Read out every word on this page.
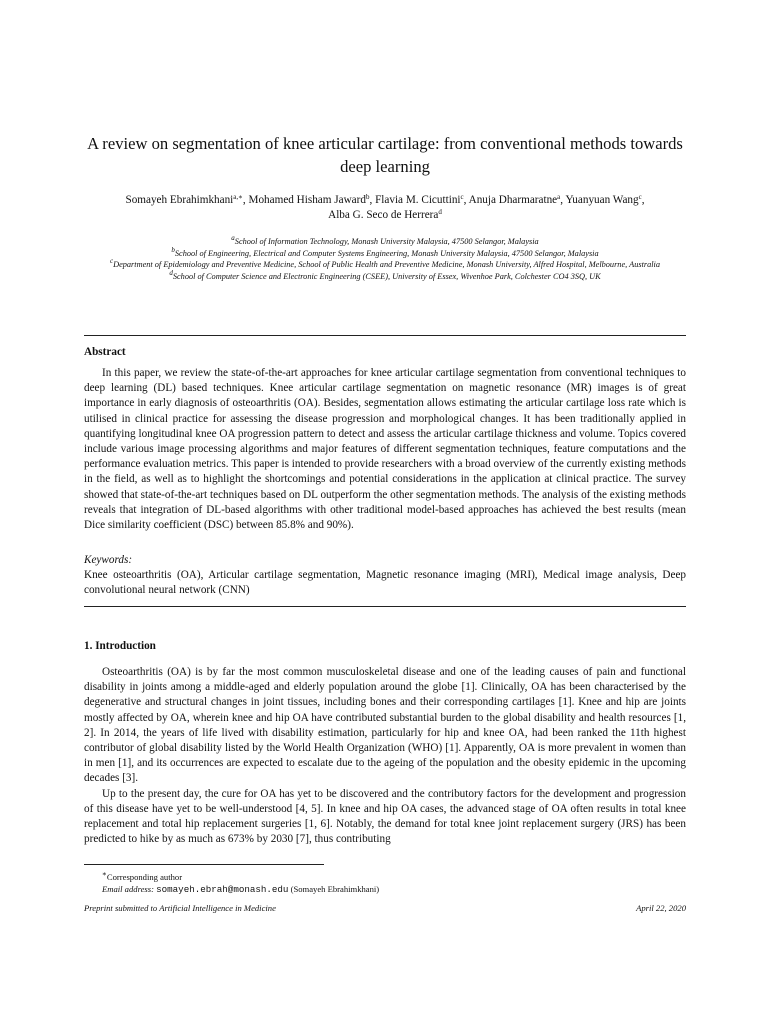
A review on segmentation of knee articular cartilage: from conventional methods towards deep learning
Somayeh Ebrahimkhani$^{a,∗}$, Mohamed Hisham Jaward$^b$, Flavia M. Cicuttini$^c$, Anuja Dharmaratne$^a$, Yuanyuan Wang$^c$,
Alba G. Seco de Herrera$^d$
$^a$School of Information Technology, Monash University Malaysia, 47500 Selangor, Malaysia
$^b$School of Engineering, Electrical and Computer Systems Engineering, Monash University Malaysia, 47500 Selangor, Malaysia
$^c$Department of Epidemiology and Preventive Medicine, School of Public Health and Preventive Medicine, Monash University, Alfred Hospital, Melbourne, Australia
$^d$School of Computer Science and Electronic Engineering (CSEE), University of Essex, Wivenhoe Park, Colchester CO4 3SQ, UK
Abstract

In this paper, we review the state-of-the-art approaches for knee articular cartilage segmentation from conventional techniques to deep learning (DL) based techniques. Knee articular cartilage segmentation on magnetic resonance (MR) images is of great importance in early diagnosis of osteoarthritis (OA). Besides, segmentation allows estimating the articular cartilage loss rate which is utilised in clinical practice for assessing the disease progression and morphological changes. It has been traditionally applied in quantifying longitudinal knee OA progression pattern to detect and assess the articular cartilage thickness and volume. Topics covered include various image processing algorithms and major features of different segmentation techniques, feature computations and the performance evaluation metrics. This paper is intended to provide researchers with a broad overview of the currently existing methods in the field, as well as to highlight the shortcomings and potential considerations in the application at clinical practice. The survey showed that state-of-the-art techniques based on DL outperform the other segmentation methods. The analysis of the existing methods reveals that integration of DL-based algorithms with other traditional model-based approaches has achieved the best results (mean Dice similarity coefficient (DSC) between 85.8% and 90%).

Keywords:
Knee osteoarthritis (OA), Articular cartilage segmentation, Magnetic resonance imaging (MRI), Medical image analysis, Deep convolutional neural network (CNN)
1. Introduction

Osteoarthritis (OA) is by far the most common musculoskeletal disease and one of the leading causes of pain and functional disability in joints among a middle-aged and elderly population around the globe [1]. Clinically, OA has been characterised by the degenerative and structural changes in joint tissues, including bones and their corresponding cartilages [1]. Knee and hip are joints mostly affected by OA, wherein knee and hip OA have contributed substantial burden to the global disability and health resources [1, 2]. In 2014, the years of life lived with disability estimation, particularly for hip and knee OA, had been ranked the 11th highest contributor of global disability listed by the World Health Organization (WHO) [1]. Apparently, OA is more prevalent in women than in men [1], and its occurrences are expected to escalate due to the ageing of the population and the obesity epidemic in the upcoming decades [3].

Up to the present day, the cure for OA has yet to be discovered and the contributory factors for the development and progression of this disease have yet to be well-understood [4, 5]. In knee and hip OA cases, the advanced stage of OA often results in total knee replacement and total hip replacement surgeries [1, 6]. Notably, the demand for total knee joint replacement surgery (JRS) has been predicted to hike by as much as 673% by 2030 [7], thus contributing

∗Corresponding author
Email address: somayeh.ebrah@monash.edu (Somayeh Ebrahimkhani)
Preprint submitted to Artificial Intelligence in Medicine	April 22, 2020
